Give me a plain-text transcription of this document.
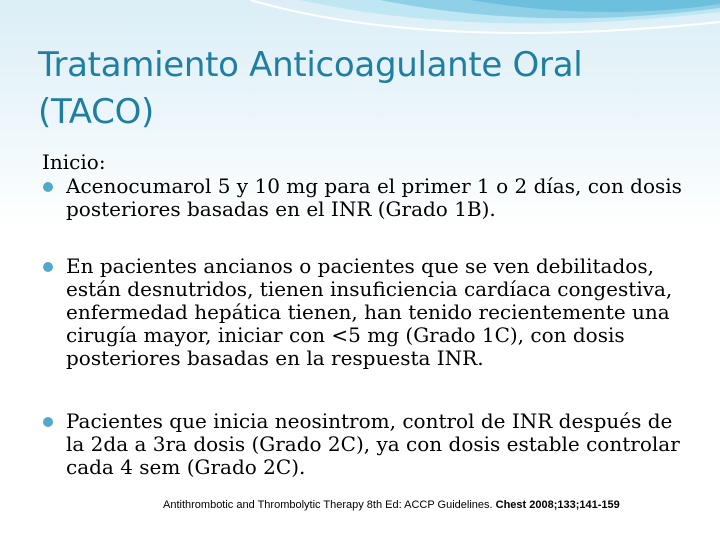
Tratamiento Anticoagulante Oral
(TACO)
Inicio:
Acenocumarol 5 y 10 mg para el primer 1 o 2 días, con dosis posteriores basadas en el INR (Grado 1B).
En pacientes ancianos o pacientes que se ven debilitados, están desnutridos, tienen insuficiencia cardíaca congestiva, enfermedad hepática tienen, han tenido recientemente una cirugía mayor, iniciar con <5 mg (Grado 1C), con dosis posteriores basadas en la respuesta INR.
Pacientes que inicia neosintrom, control de INR después de la 2da a 3ra dosis (Grado 2C), ya con dosis estable controlar cada 4 sem (Grado 2C).
Antithrombotic and Thrombolytic Therapy 8th Ed: ACCP Guidelines. Chest 2008;133;141-159
